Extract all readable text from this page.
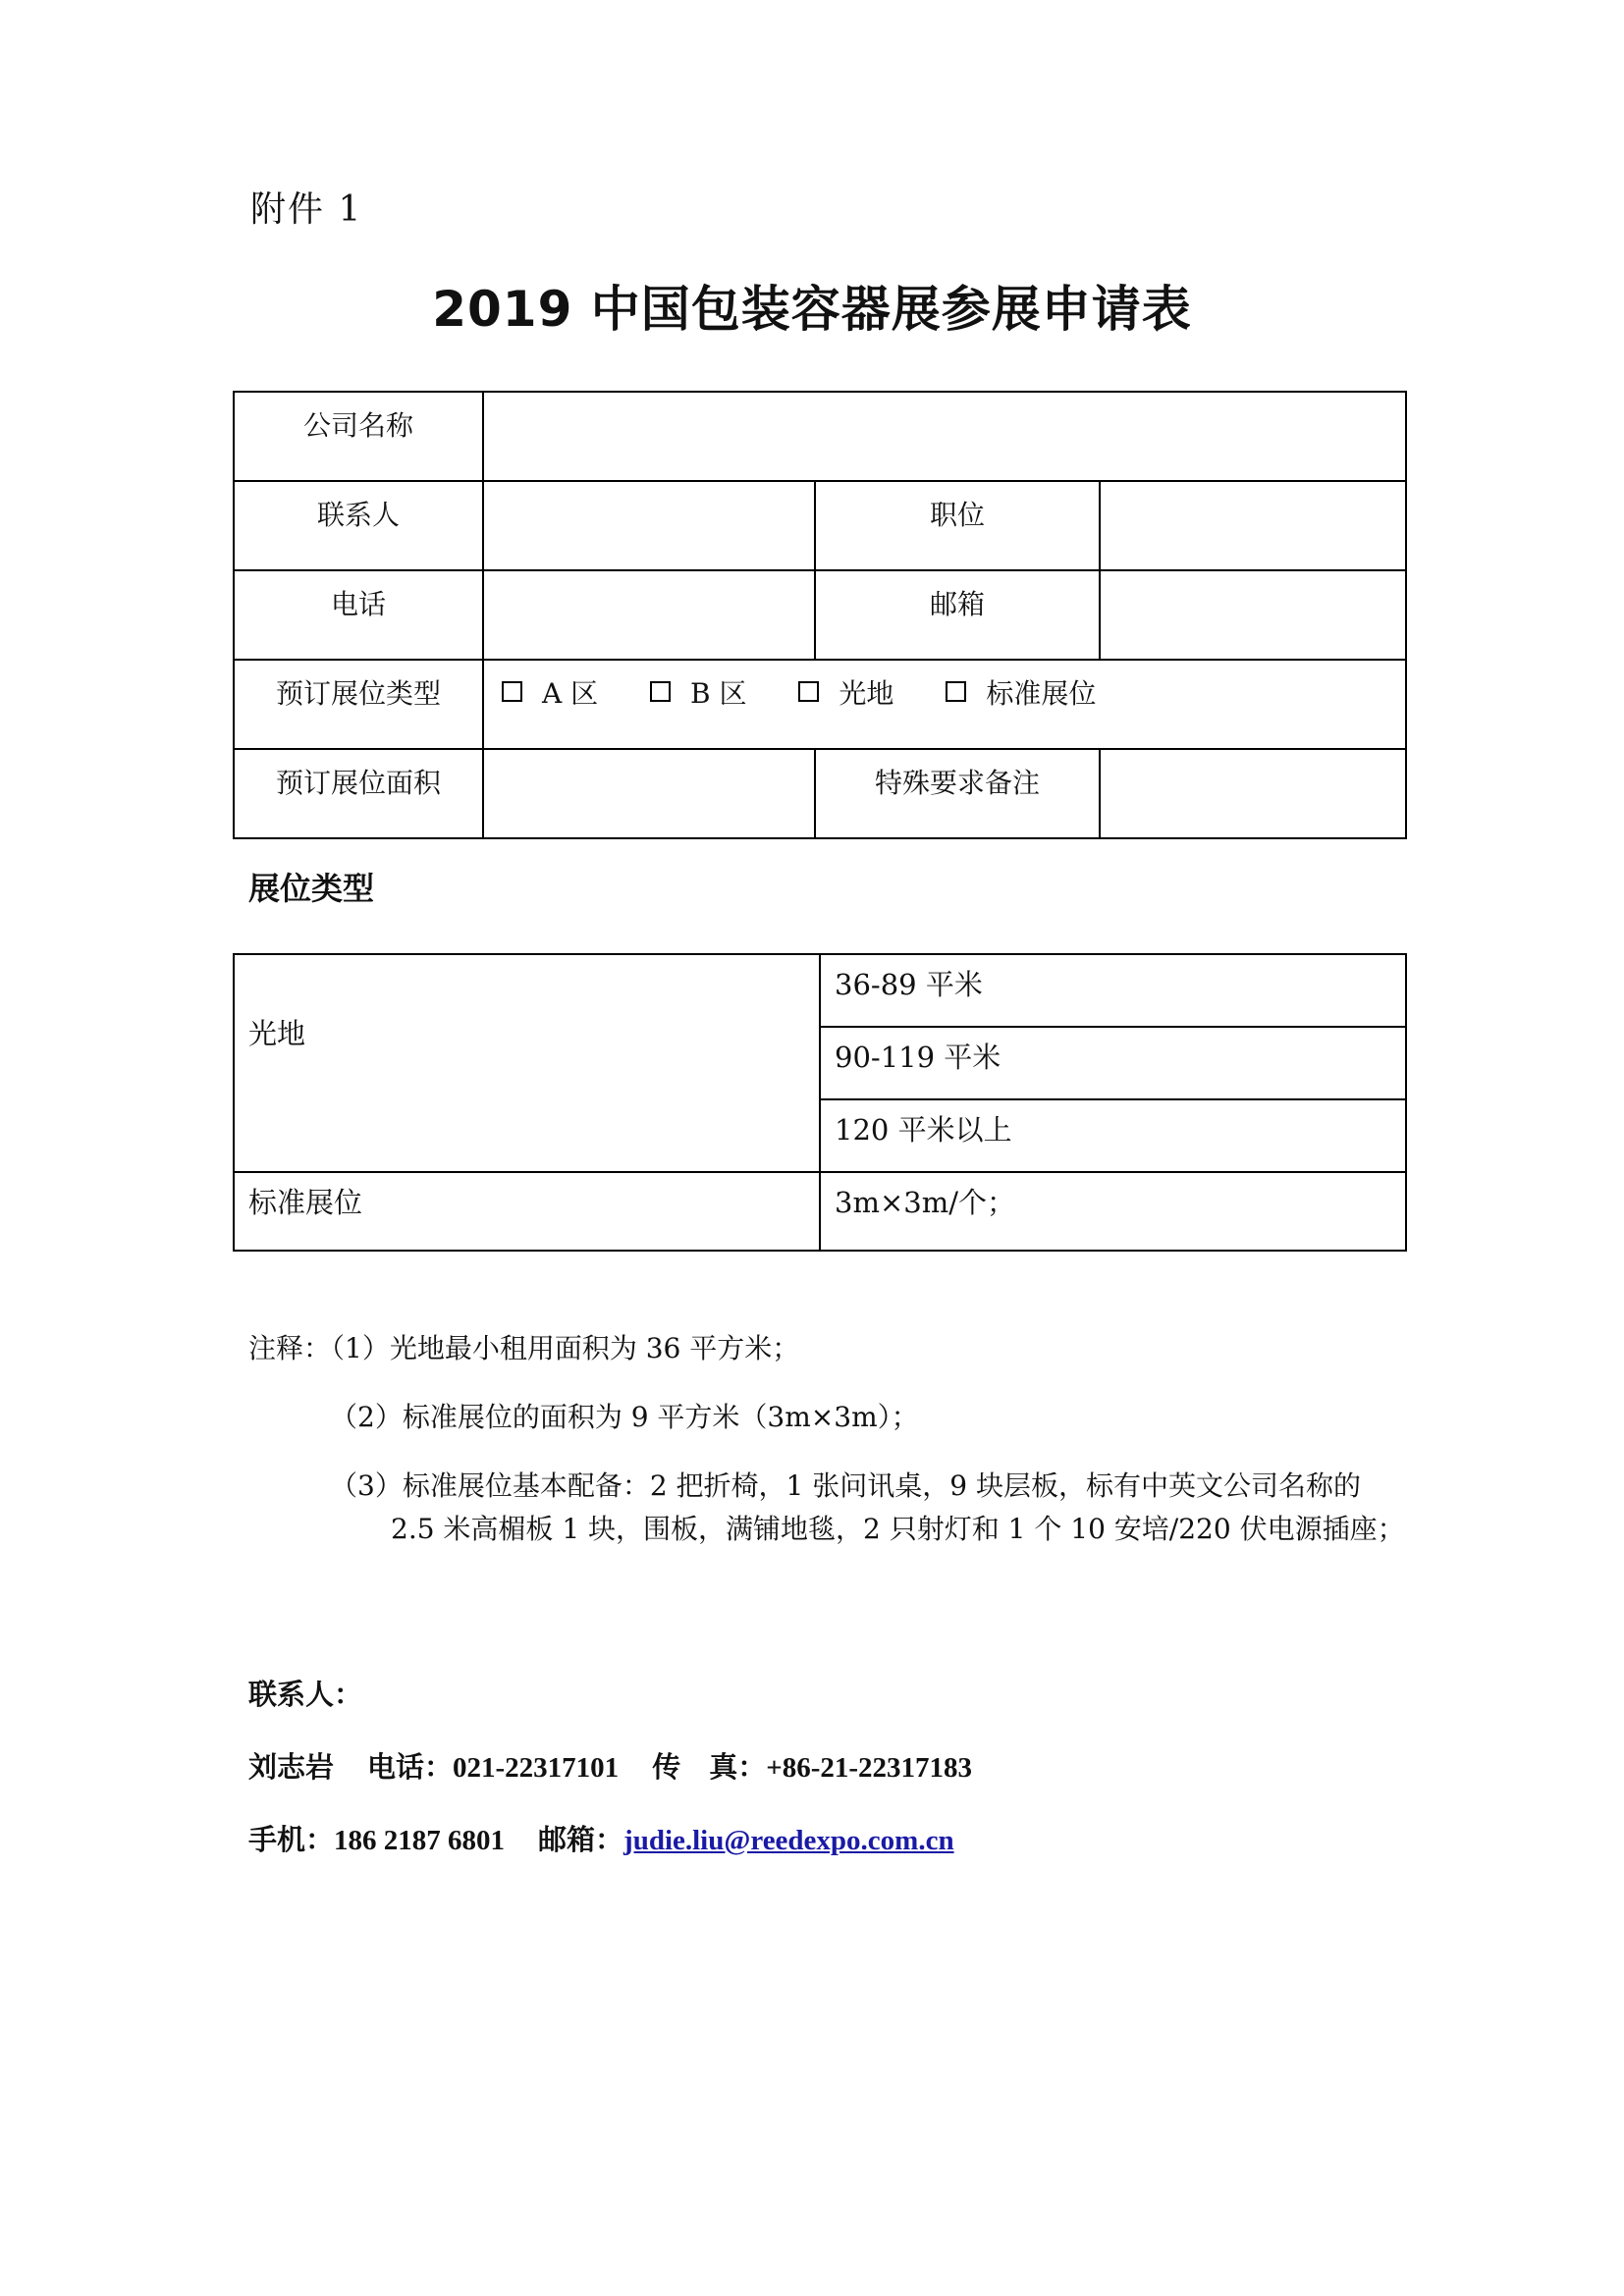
附件 1
2019 中国包装容器展参展申请表
公司名称			
联系人		职位	
电话		邮箱	
预订展位类型	A 区 B 区 光地 标准展位		
预订展位面积		特殊要求备注	
展位类型
光地	36-89 平米
	90-119 平米
	120 平米以上
标准展位	3m×3m/个；
注释：（1）光地最小租用面积为 36 平方米；
（2）标准展位的面积为 9 平方米（3m×3m）；
（3）标准展位基本配备：2 把折椅，1 张问讯桌，9 块层板，标有中英文公司名称的
2.5 米高楣板 1 块，围板，满铺地毯，2 只射灯和 1 个 10 安培/220 伏电源插座；
联系人：
刘志岩 电话：021-22317101 传　真：+86-21-22317183
手机：186 2187 6801 邮箱：judie.liu@reedexpo.com.cn
